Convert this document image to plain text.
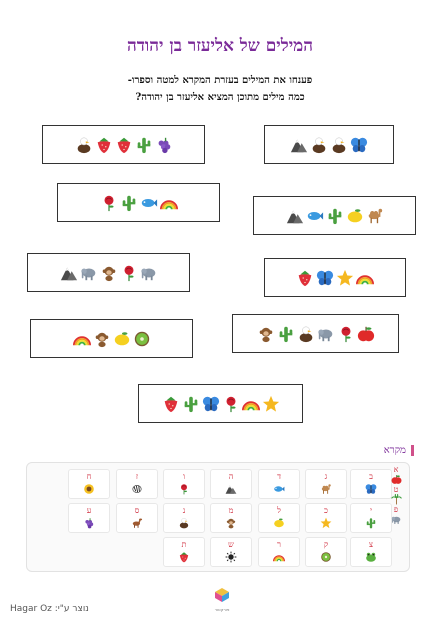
המילים של אליעזר בן יהודה
פענחו את המילים בעזרת המקרא למטה וספרו-
כמה מילים מתוכן המציא אליעזר בן יהודה?
מקרא
ב
ג
ד
ה
ו
ז
ח
י
כ
ל
מ
נ
ס
ע
צ
ק
ר
ש
ת
א
ט
פ
פורקטור
נוצר ע"י: Hagar Oz
